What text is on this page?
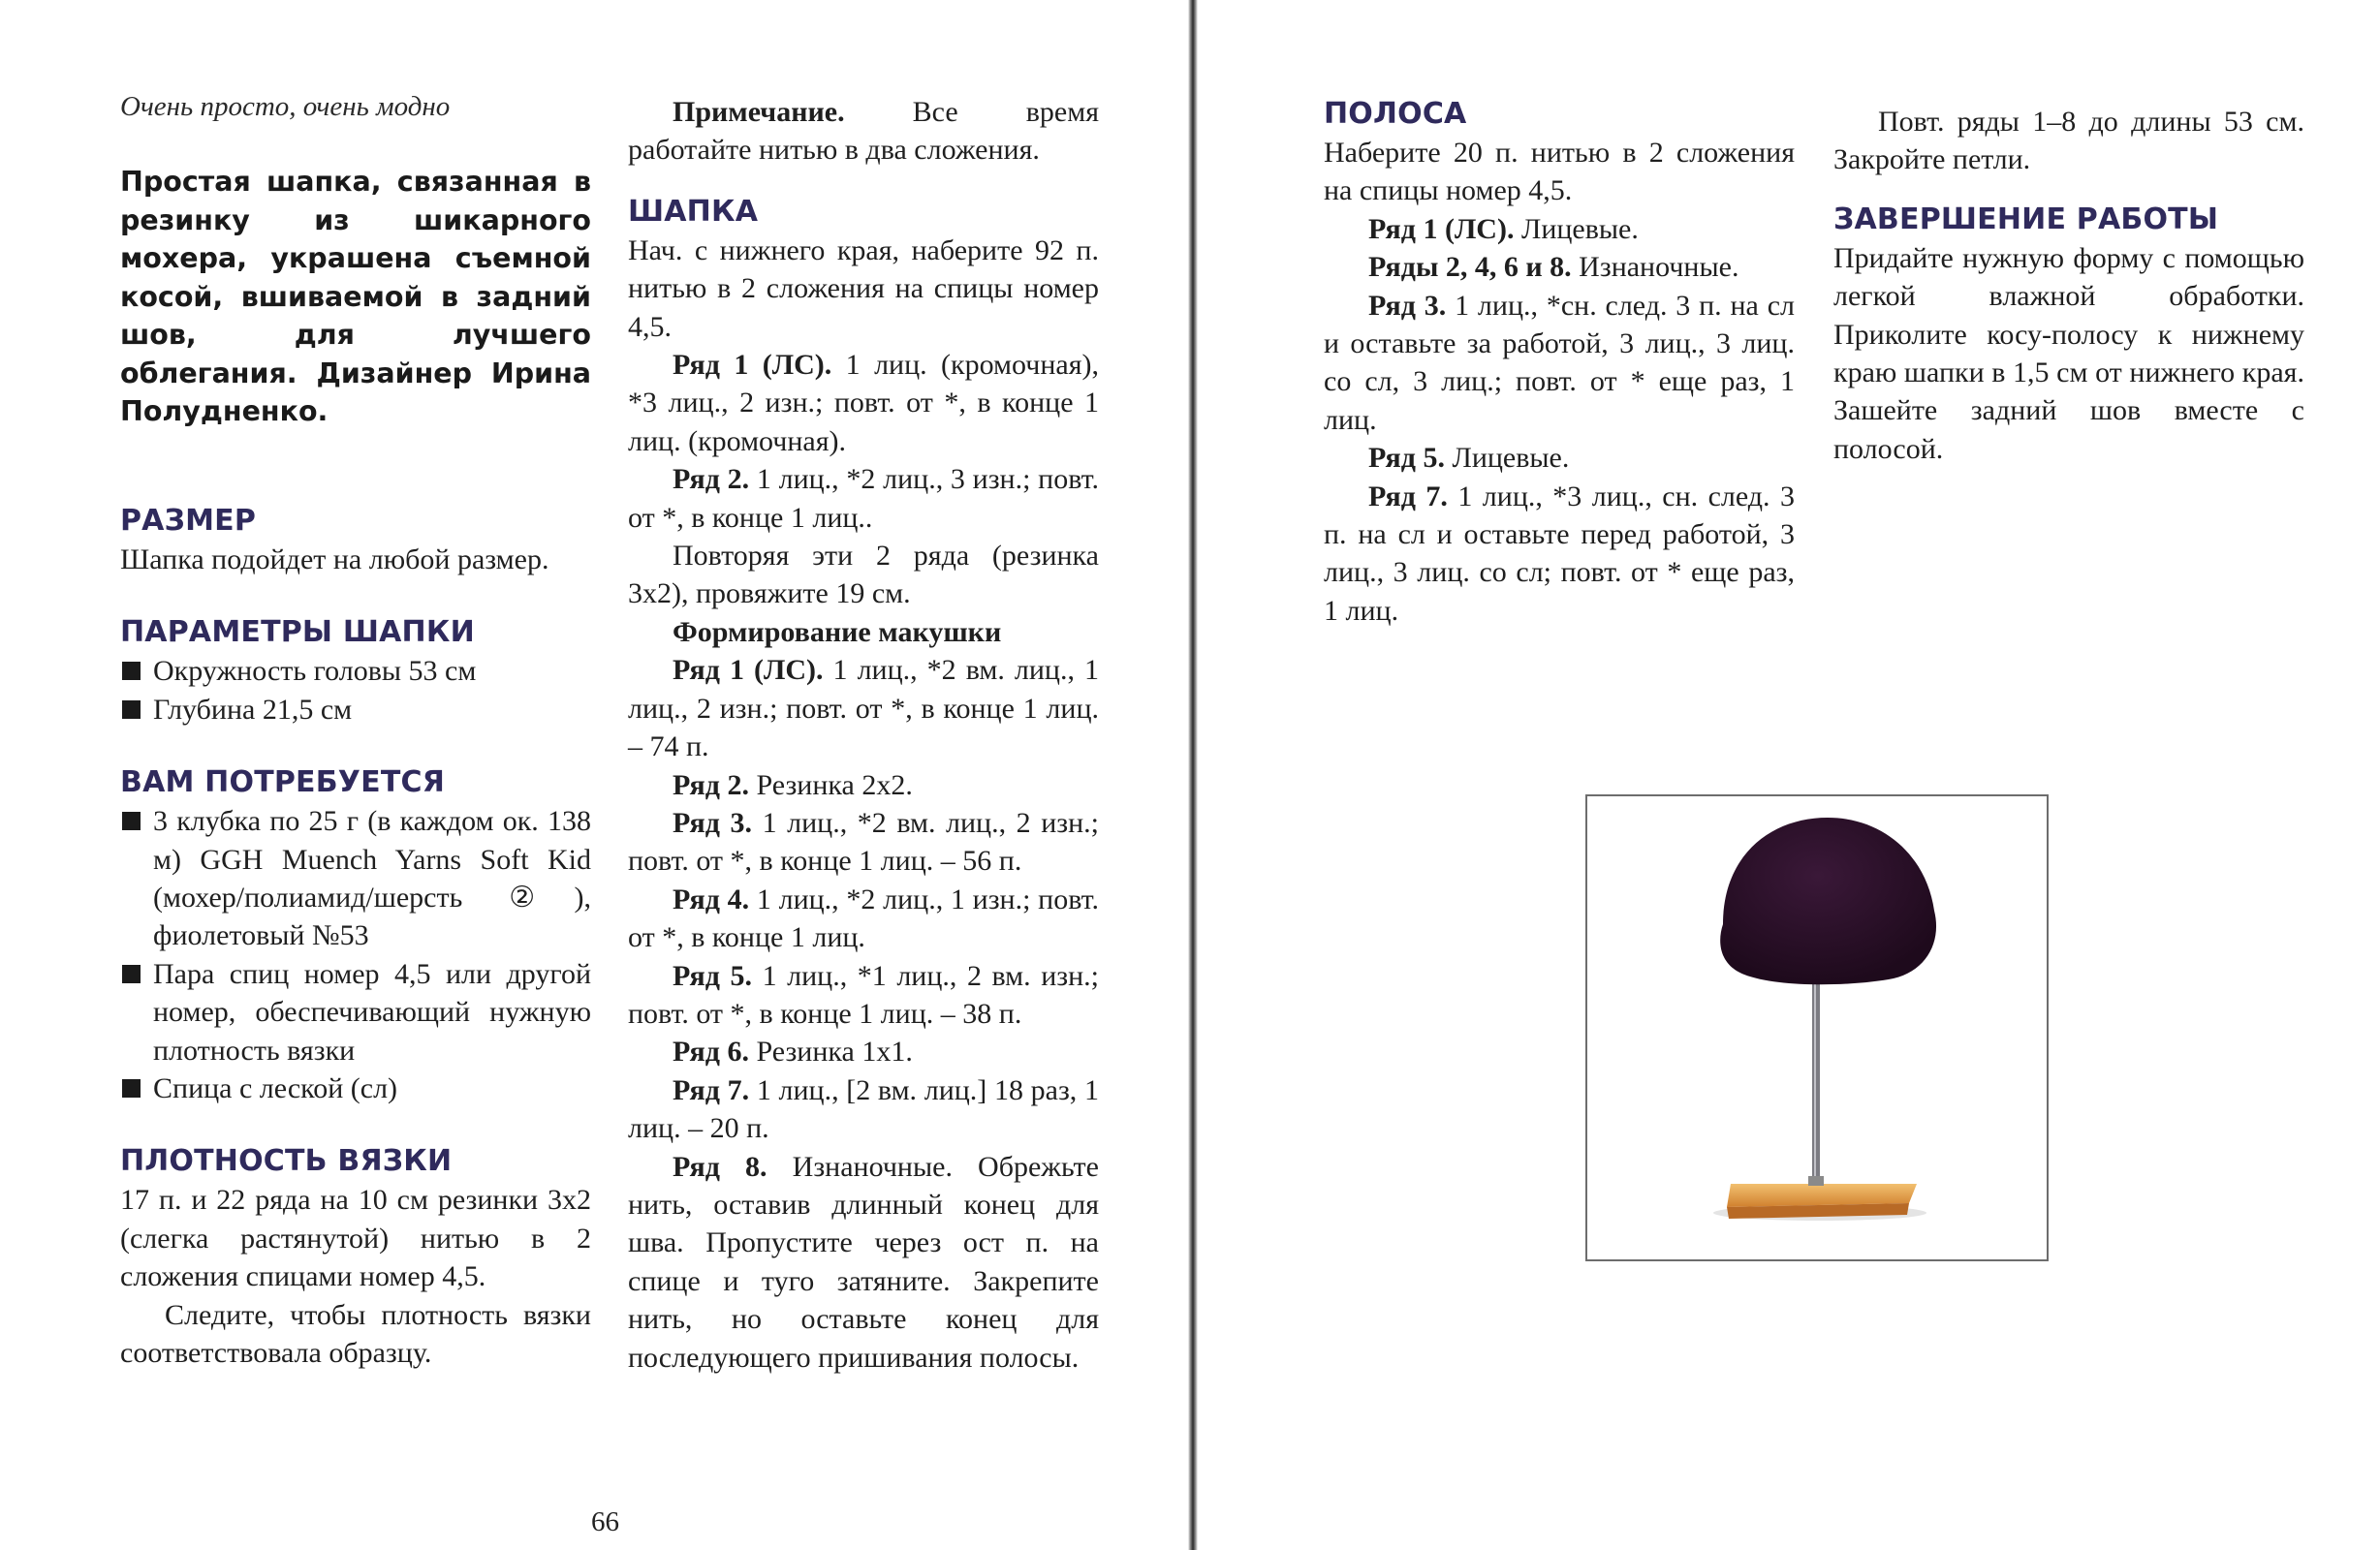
Очень просто, очень модно

Простая шапка, связанная в резинку из шикарного мохера, украшена съемной косой, вшиваемой в задний шов, для лучшего облегания. Дизайнер Ирина Полудненко.

РАЗМЕР

Шапка подойдет на любой размер.

ПАРАМЕТРЫ ШАПКИ
Окружность головы 53 см
Глубина 21,5 см
ВАМ ПОТРЕБУЕТСЯ
3 клубка по 25 г (в каждом ок. 138 м) GGH Muench Yarns Soft Kid (мохер/полиамид/шерсть ②), фиолетовый №53
Пара спиц номер 4,5 или другой номер, обеспечивающий нужную плотность вязки
Спица с леской (сл)
ПЛОТНОСТЬ ВЯЗКИ

17 п. и 22 ряда на 10 см резинки 3х2 (слегка растянутой) нитью в 2 сложения спицами номер 4,5.
Следите, чтобы плотность вязки соответствовала образцу.

Примечание. Все время работайте нитью в два сложения.

ШАПКА

Нач. с нижнего края, наберите 92 п. нитью в 2 сложения на спицы номер 4,5.

Ряд 1 (ЛС). 1 лиц. (кромочная), *3 лиц., 2 изн.; повт. от *, в конце 1 лиц. (кромочная).

Ряд 2. 1 лиц., *2 лиц., 3 изн.; повт. от *, в конце 1 лиц..

Повторяя эти 2 ряда (резинка 3х2), провяжите 19 см.

Формирование макушки

Ряд 1 (ЛС). 1 лиц., *2 вм. лиц., 1 лиц., 2 изн.; повт. от *, в конце 1 лиц. – 74 п.

Ряд 2. Резинка 2х2.

Ряд 3. 1 лиц., *2 вм. лиц., 2 изн.; повт. от *, в конце 1 лиц. – 56 п.

Ряд 4. 1 лиц., *2 лиц., 1 изн.; повт. от *, в конце 1 лиц.

Ряд 5. 1 лиц., *1 лиц., 2 вм. изн.; повт. от *, в конце 1 лиц. – 38 п.

Ряд 6. Резинка 1х1.

Ряд 7. 1 лиц., [2 вм. лиц.] 18 раз, 1 лиц. – 20 п.

Ряд 8. Изнаночные. Обрежьте нить, оставив длинный конец для шва. Пропустите через ост п. на спице и туго затяните. Закрепите нить, но оставьте конец для последующего пришивания полосы.

66
ПОЛОСА

Наберите 20 п. нитью в 2 сложения на спицы номер 4,5.

Ряд 1 (ЛС). Лицевые.

Ряды 2, 4, 6 и 8. Изнаночные.

Ряд 3. 1 лиц., *сн. след. 3 п. на сл и оставьте за работой, 3 лиц., 3 лиц. со сл, 3 лиц.; повт. от * еще раз, 1 лиц.

Ряд 5. Лицевые.

Ряд 7. 1 лиц., *3 лиц., сн. след. 3 п. на сл и оставьте перед работой, 3 лиц., 3 лиц. со сл; повт. от * еще раз, 1 лиц.

Повт. ряды 1–8 до длины 53 см. Закройте петли.

ЗАВЕРШЕНИЕ РАБОТЫ

Придайте нужную форму с помощью легкой влажной обработки. Приколите косу-полосу к нижнему краю шапки в 1,5 см от нижнего края. Зашейте задний шов вместе с полосой.
